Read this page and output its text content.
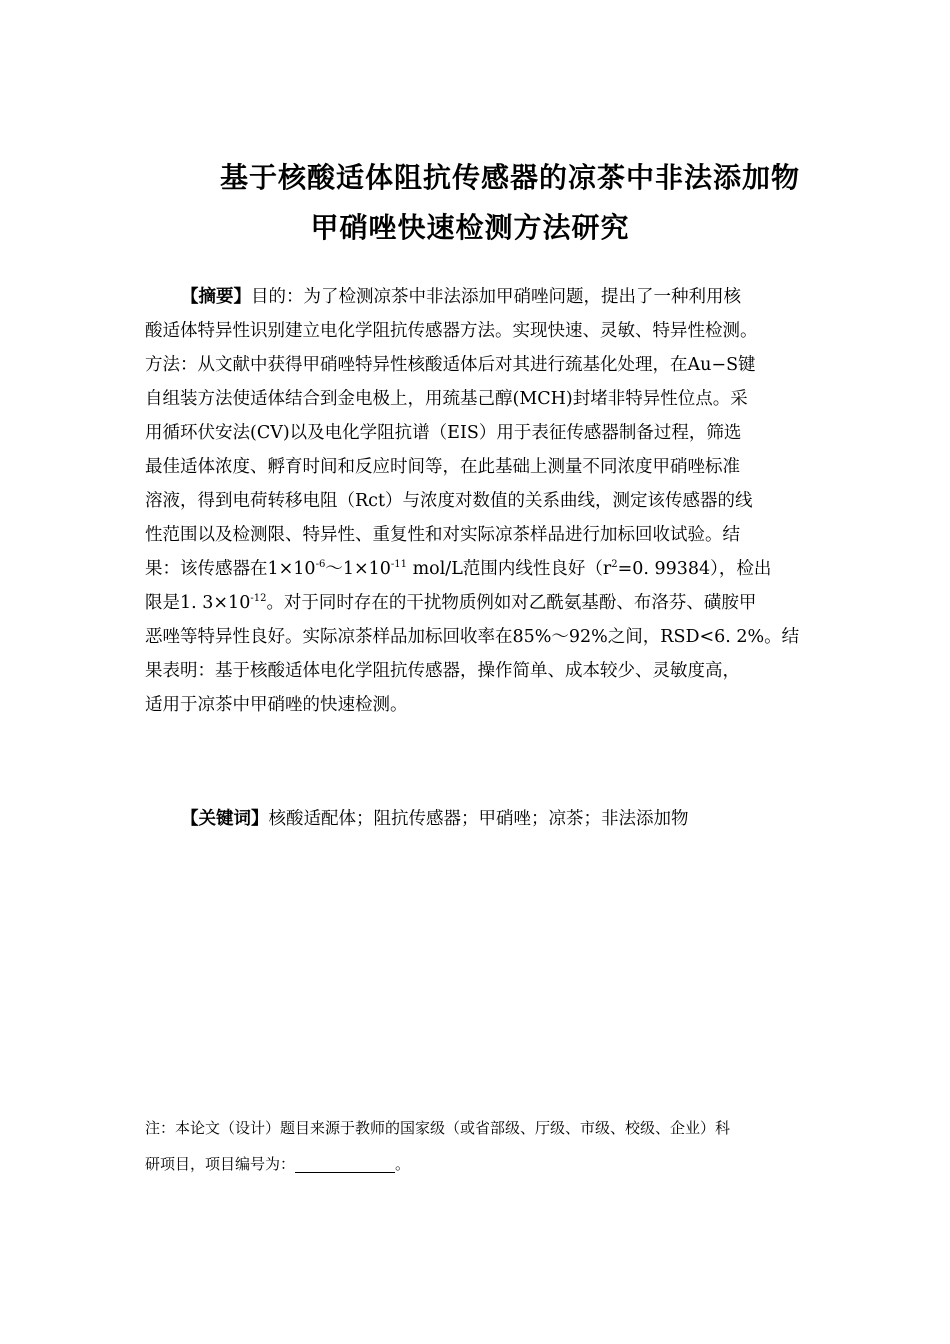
基于核酸适体阻抗传感器的凉茶中非法添加物
甲硝唑快速检测方法研究
【摘要】目的：为了检测凉茶中非法添加甲硝唑问题，提出了一种利用核
酸适体特异性识别建立电化学阻抗传感器方法。实现快速、灵敏、特异性检测。
方法：从文献中获得甲硝唑特异性核酸适体后对其进行巯基化处理，在Au−S键
自组装方法使适体结合到金电极上，用巯基己醇(MCH)封堵非特异性位点。采
用循环伏安法(CV)以及电化学阻抗谱（EIS）用于表征传感器制备过程，筛选
最佳适体浓度、孵育时间和反应时间等，在此基础上测量不同浓度甲硝唑标准
溶液，得到电荷转移电阻（Rct）与浓度对数值的关系曲线，测定该传感器的线
性范围以及检测限、特异性、重复性和对实际凉茶样品进行加标回收试验。结
果：该传感器在$1\times 10^{-6}\sim 1\times 10^{-11}$ mol/L范围内线性良好（$r^2=0$. 99384），检出
限是1. $3\times 10^{-12}$。对于同时存在的干扰物质例如对乙酰氨基酚、布洛芬、磺胺甲
恶唑等特异性良好。实际凉茶样品加标回收率在85%～92%之间，RSD<6. 2%。结
果表明：基于核酸适体电化学阻抗传感器，操作简单、成本较少、灵敏度高，
适用于凉茶中甲硝唑的快速检测。
【关键词】核酸适配体；阻抗传感器；甲硝唑；凉茶；非法添加物
注：本论文（设计）题目来源于教师的国家级（或省部级、厅级、市级、校级、企业）科
研项目，项目编号为：	。
